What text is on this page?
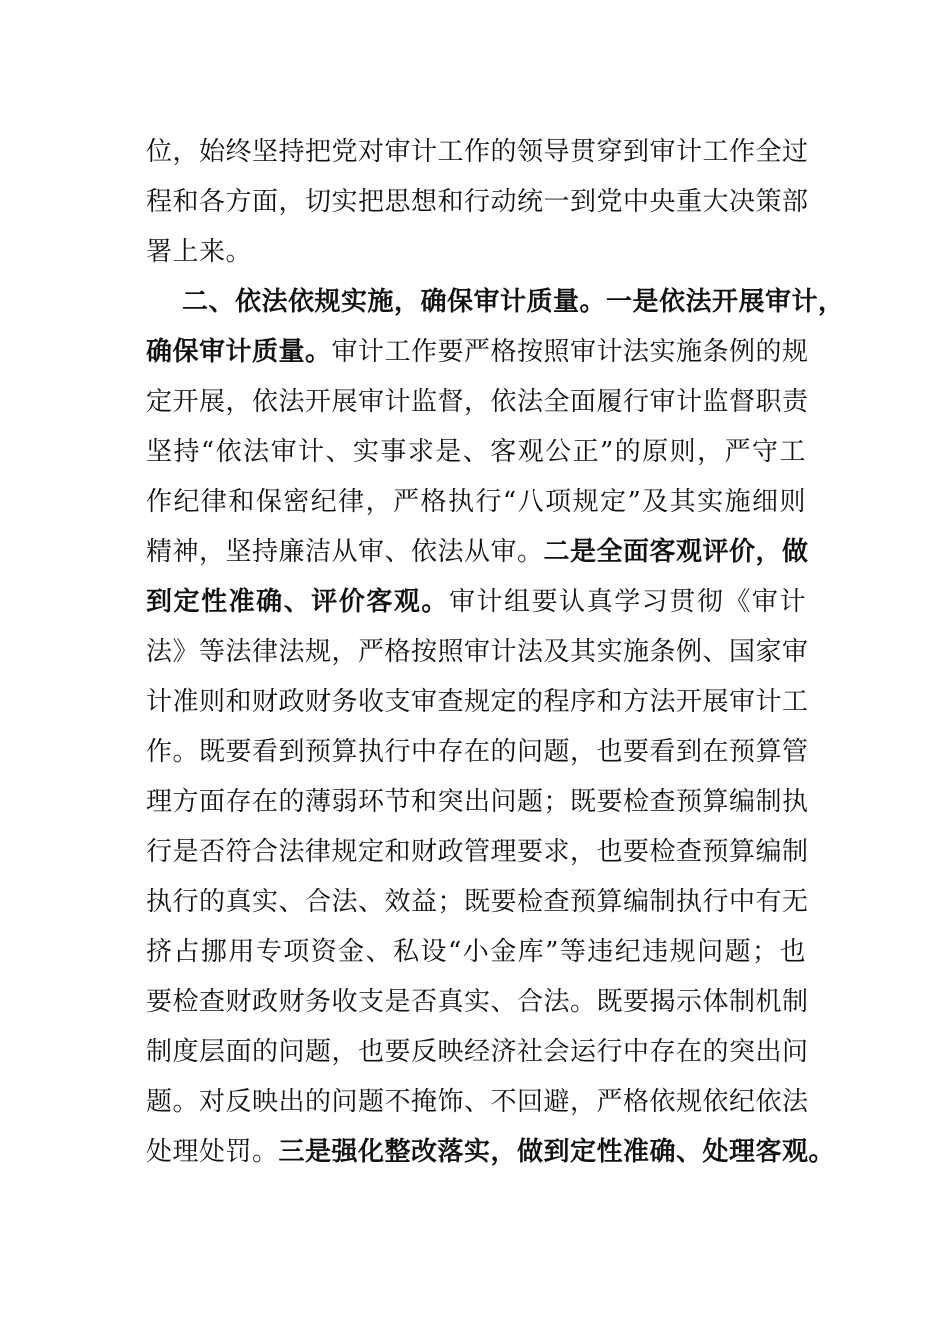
位，始终坚持把党对审计工作的领导贯穿到审计工作全过
程和各方面，切实把思想和行动统一到党中央重大决策部
署上来。
二、依法依规实施，确保审计质量。一是依法开展审计，
确保审计质量。审计工作要严格按照审计法实施条例的规
定开展，依法开展审计监督，依法全面履行审计监督职责
坚持“依法审计、实事求是、客观公正”的原则，严守工
作纪律和保密纪律，严格执行“八项规定”及其实施细则
精神，坚持廉洁从审、依法从审。二是全面客观评价，做
到定性准确、评价客观。审计组要认真学习贯彻《审计
法》等法律法规，严格按照审计法及其实施条例、国家审
计准则和财政财务收支审查规定的程序和方法开展审计工
作。既要看到预算执行中存在的问题，也要看到在预算管
理方面存在的薄弱环节和突出问题；既要检查预算编制执
行是否符合法律规定和财政管理要求，也要检查预算编制
执行的真实、合法、效益；既要检查预算编制执行中有无
挤占挪用专项资金、私设“小金库”等违纪违规问题；也
要检查财政财务收支是否真实、合法。既要揭示体制机制
制度层面的问题，也要反映经济社会运行中存在的突出问
题。对反映出的问题不掩饰、不回避，严格依规依纪依法
处理处罚。三是强化整改落实，做到定性准确、处理客观。
